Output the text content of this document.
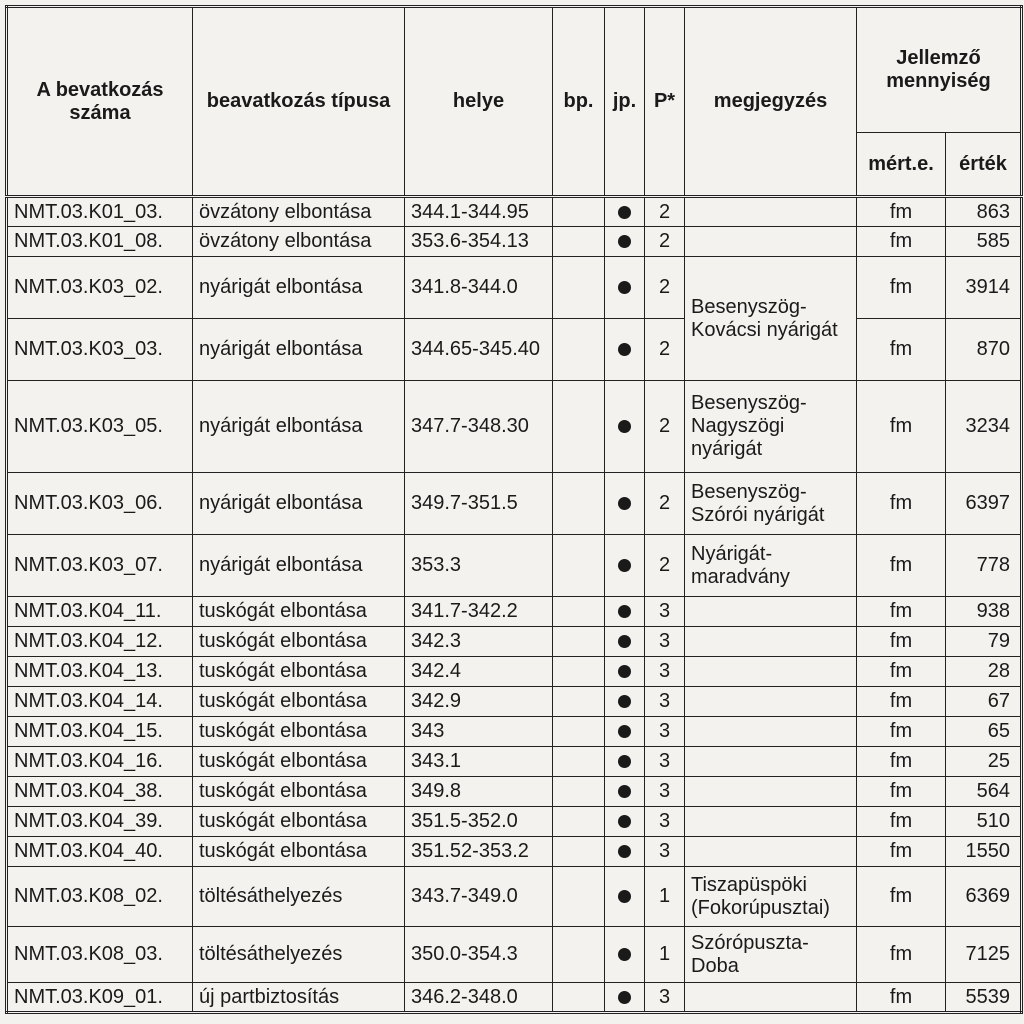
A bevatkozás száma	beavatkozás típusa	helye	bp.	jp.	P*	megjegyzés	Jellemző mennyiség	
							mért.e.	érték
NMT.03.K01_03.	övzátony elbontása	344.1-344.95			2		fm	863
NMT.03.K01_08.	övzátony elbontása	353.6-354.13			2		fm	585
NMT.03.K03_02.	nyárigát elbontása	341.8-344.0			2	Besenyszög-Kovácsi nyárigát	fm	3914
NMT.03.K03_03.	nyárigát elbontása	344.65-345.40			2		fm	870
NMT.03.K03_05.	nyárigát elbontása	347.7-348.30			2	Besenyszög-Nagyszögi nyárigát	fm	3234
NMT.03.K03_06.	nyárigát elbontása	349.7-351.5			2	Besenyszög-Szórói nyárigát	fm	6397
NMT.03.K03_07.	nyárigát elbontása	353.3			2	Nyárigát-maradvány	fm	778
NMT.03.K04_11.	tuskógát elbontása	341.7-342.2			3		fm	938
NMT.03.K04_12.	tuskógát elbontása	342.3			3		fm	79
NMT.03.K04_13.	tuskógát elbontása	342.4			3		fm	28
NMT.03.K04_14.	tuskógát elbontása	342.9			3		fm	67
NMT.03.K04_15.	tuskógát elbontása	343			3		fm	65
NMT.03.K04_16.	tuskógát elbontása	343.1			3		fm	25
NMT.03.K04_38.	tuskógát elbontása	349.8			3		fm	564
NMT.03.K04_39.	tuskógát elbontása	351.5-352.0			3		fm	510
NMT.03.K04_40.	tuskógát elbontása	351.52-353.2			3		fm	1550
NMT.03.K08_02.	töltésáthelyezés	343.7-349.0			1	Tiszapüspöki (Fokorúpusztai)	fm	6369
NMT.03.K08_03.	töltésáthelyezés	350.0-354.3			1	Szórópuszta-Doba	fm	7125
NMT.03.K09_01.	új partbiztosítás	346.2-348.0			3		fm	5539
